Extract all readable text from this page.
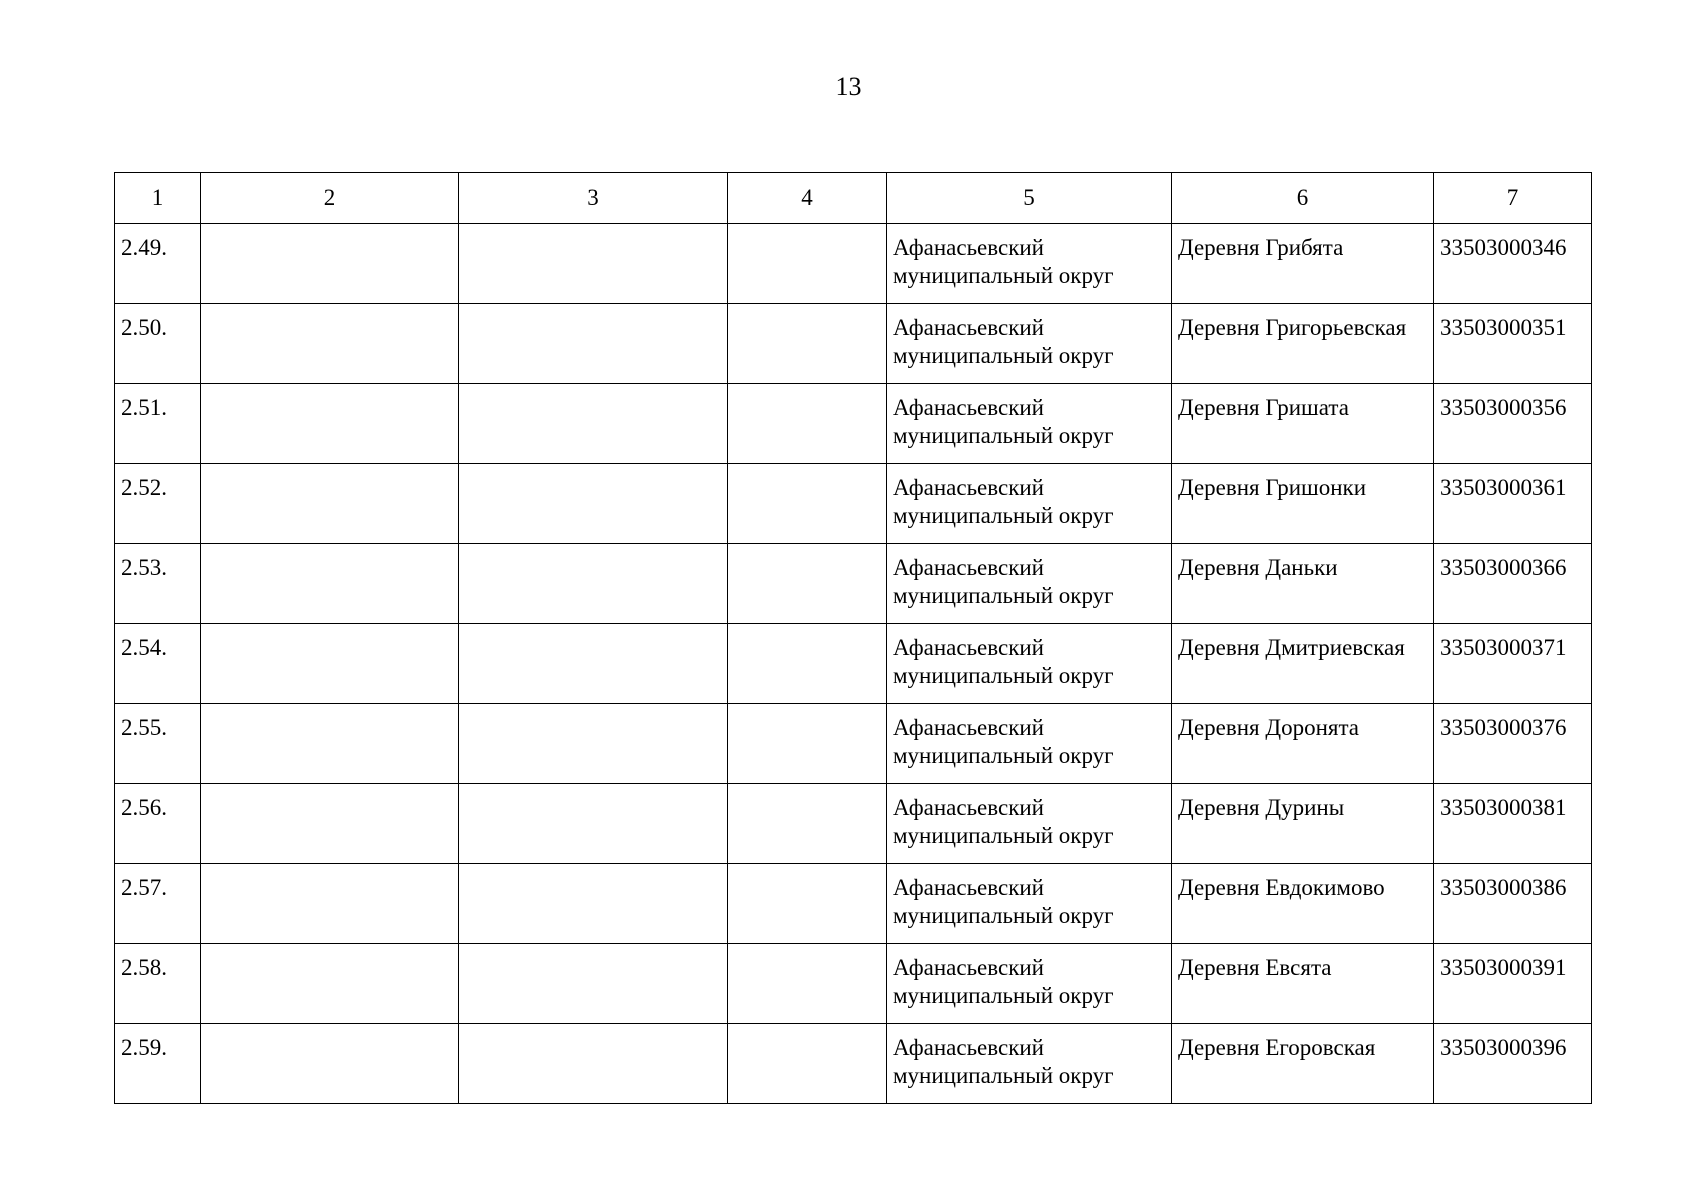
13
1	2	3	4	5	6	7

2.49.				Афанасьевский муниципальный округ	Деревня Грибята	33503000346

2.50.				Афанасьевский муниципальный округ	Деревня Григорьевская	33503000351

2.51.				Афанасьевский муниципальный округ	Деревня Гришата	33503000356

2.52.				Афанасьевский муниципальный округ	Деревня Гришонки	33503000361

2.53.				Афанасьевский муниципальный округ	Деревня Даньки	33503000366

2.54.				Афанасьевский муниципальный округ	Деревня Дмитриевская	33503000371

2.55.				Афанасьевский муниципальный округ	Деревня Доронята	33503000376

2.56.				Афанасьевский муниципальный округ	Деревня Дурины	33503000381

2.57.				Афанасьевский муниципальный округ	Деревня Евдокимово	33503000386

2.58.				Афанасьевский муниципальный округ	Деревня Евсята	33503000391

2.59.				Афанасьевский муниципальный округ	Деревня Егоровская	33503000396
